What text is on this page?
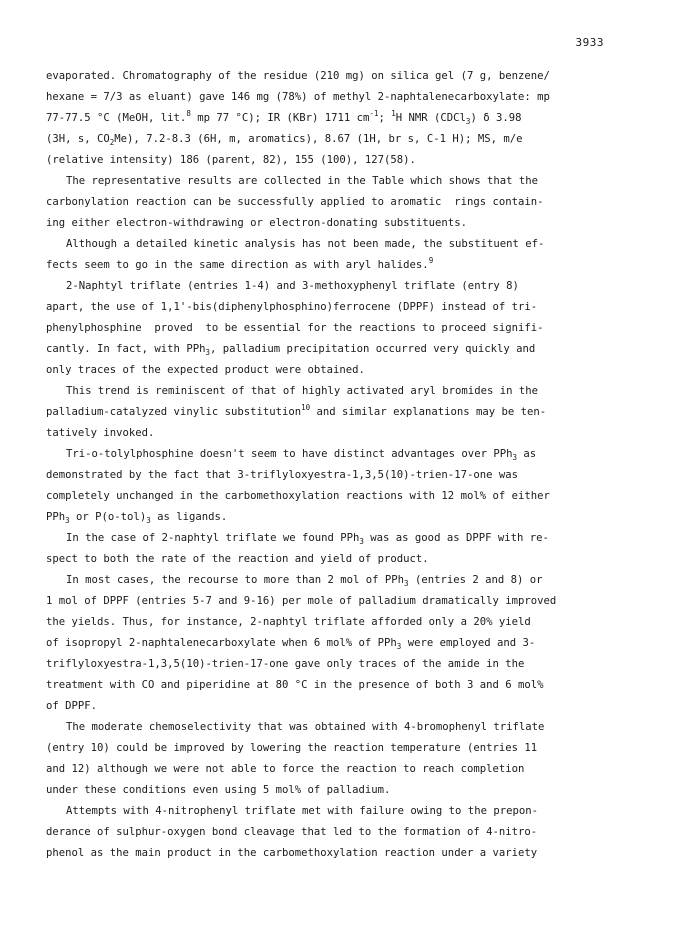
3933
evaporated. Chromatography of the residue (210 mg) on silica gel (7 g, benzene/
hexane = 7/3 as eluant) gave 146 mg (78%) of methyl 2-naphtalenecarboxylate: mp
77-77.5 °C (MeOH, lit.$^8$ mp 77 °C); IR (KBr) 1711 $cm^{-1}$; $^1$H NMR (CDCl$_3$) δ 3.98
(3H, s, $CO_2Me$), 7.2-8.3 (6H, m, aromatics), 8.67 (1H, br s, C-1 H); MS, m/e
(relative intensity) 186 (parent, 82), 155 (100), 127(58).
The representative results are collected in the Table which shows that the
carbonylation reaction can be successfully applied to aromatic  rings contain-
ing either electron-withdrawing or electron-donating substituents.
Although a detailed kinetic analysis has not been made, the substituent ef-
fects seem to go in the same direction as with aryl halides.$^9$
2-Naphtyl triflate (entries 1-4) and 3-methoxyphenyl triflate (entry 8)
apart, the use of 1,1'-bis(diphenylphosphino)ferrocene (DPPF) instead of tri-
phenylphosphine  proved  to be essential for the reactions to proceed signifi-
cantly. In fact, with PPh$_3$, palladium precipitation occurred very quickly and
only traces of the expected product were obtained.
This trend is reminiscent of that of highly activated aryl bromides in the
palladium-catalyzed vinylic substitution$^{10}$ and similar explanations may be ten-
tatively invoked.
Tri-o-tolylphosphine doesn't seem to have distinct advantages over PPh$_3$ as
demonstrated by the fact that 3-triflyloxyestra-1,3,5(10)-trien-17-one was
completely unchanged in the carbomethoxylation reactions with 12 mol% of either
PPh$_3$ or $P(o-tol)_3$ as ligands.
In the case of 2-naphtyl triflate we found PPh$_3$ was as good as DPPF with re-
spect to both the rate of the reaction and yield of product.
In most cases, the recourse to more than 2 mol of PPh$_3$ (entries 2 and 8) or
1 mol of DPPF (entries 5-7 and 9-16) per mole of palladium dramatically improved
the yields. Thus, for instance, 2-naphtyl triflate afforded only a 20% yield
of isopropyl 2-naphtalenecarboxylate when 6 mol% of PPh$_3$ were employed and 3-
triflyloxyestra-1,3,5(10)-trien-17-one gave only traces of the amide in the
treatment with CO and piperidine at 80 °C in the presence of both 3 and 6 mol%
of DPPF.
The moderate chemoselectivity that was obtained with 4-bromophenyl triflate
(entry 10) could be improved by lowering the reaction temperature (entries 11
and 12) although we were not able to force the reaction to reach completion
under these conditions even using 5 mol% of palladium.
Attempts with 4-nitrophenyl triflate met with failure owing to the prepon-
derance of sulphur-oxygen bond cleavage that led to the formation of 4-nitro-
phenol as the main product in the carbomethoxylation reaction under a variety
